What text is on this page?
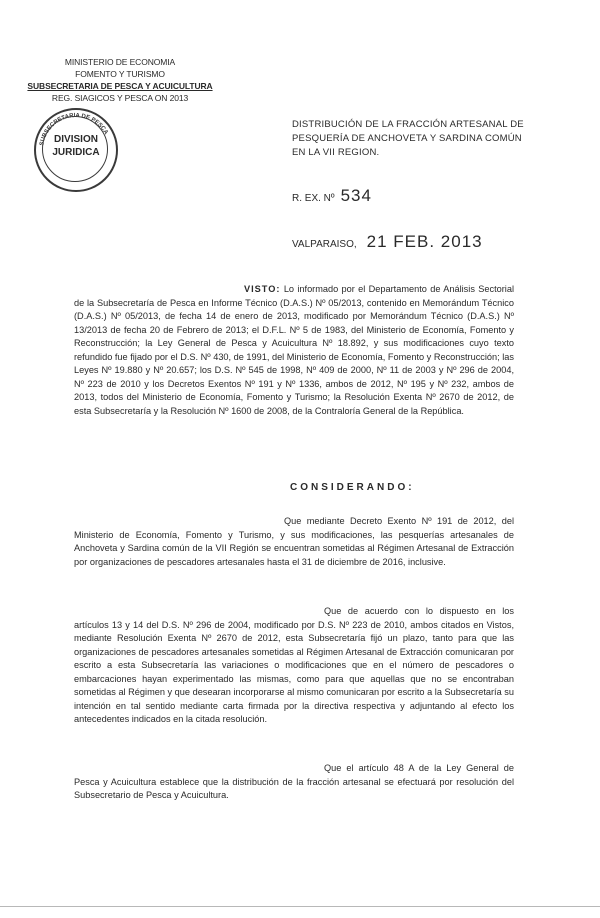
MINISTERIO DE ECONOMIA
FOMENTO Y TURISMO
SUBSECRETARIA DE PESCA Y ACUICULTURA
REG. SIAGICOS Y PESCA ON 2013
SUBSECRETARIA DE PESCA
DIVISION
JURIDICA
DISTRIBUCIÓN DE LA FRACCIÓN ARTESANAL DE PESQUERÍA DE ANCHOVETA Y SARDINA COMÚN EN LA VII REGION.
R. EX. Nº 534
VALPARAISO, 21 FEB. 2013
VISTO: Lo informado por el Departamento de Análisis Sectorial de la Subsecretaría de Pesca en Informe Técnico (D.A.S.) Nº 05/2013, contenido en Memorándum Técnico (D.A.S.) Nº 05/2013, de fecha 14 de enero de 2013, modificado por Memorándum Técnico (D.A.S.) Nº 13/2013 de fecha 20 de Febrero de 2013; el D.F.L. Nº 5 de 1983, del Ministerio de Economía, Fomento y Reconstrucción; la Ley General de Pesca y Acuicultura Nº 18.892, y sus modificaciones cuyo texto refundido fue fijado por el D.S. Nº 430, de 1991, del Ministerio de Economía, Fomento y Reconstrucción; las Leyes Nº 19.880 y Nº 20.657; los D.S. Nº 545 de 1998, Nº 409 de 2000, Nº 11 de 2003 y Nº 296 de 2004, Nº 223 de 2010 y los Decretos Exentos Nº 191 y Nº 1336, ambos de 2012, Nº 195 y Nº 232, ambos de 2013, todos del Ministerio de Economía, Fomento y Turismo; la Resolución Exenta Nº 2670 de 2012, de esta Subsecretaría y la Resolución Nº 1600 de 2008, de la Contraloría General de la República.
CONSIDERANDO:
Que mediante Decreto Exento Nº 191 de 2012, del Ministerio de Economía, Fomento y Turismo, y sus modificaciones, las pesquerías artesanales de Anchoveta y Sardina común de la VII Región se encuentran sometidas al Régimen Artesanal de Extracción por organizaciones de pescadores artesanales hasta el 31 de diciembre de 2016, inclusive.
Que de acuerdo con lo dispuesto en los artículos 13 y 14 del D.S. Nº 296 de 2004, modificado por D.S. Nº 223 de 2010, ambos citados en Vistos, mediante Resolución Exenta Nº 2670 de 2012, esta Subsecretaría fijó un plazo, tanto para que las organizaciones de pescadores artesanales sometidas al Régimen Artesanal de Extracción comunicaran por escrito a esta Subsecretaría las variaciones o modificaciones que en el número de pescadores o embarcaciones hayan experimentado las mismas, como para que aquellas que no se encontraban sometidas al Régimen y que desearan incorporarse al mismo comunicaran por escrito a la Subsecretaría su intención en tal sentido mediante carta firmada por la directiva respectiva y adjuntando al efecto los antecedentes indicados en la citada resolución.
Que el artículo 48 A de la Ley General de Pesca y Acuicultura establece que la distribución de la fracción artesanal se efectuará por resolución del Subsecretario de Pesca y Acuicultura.
